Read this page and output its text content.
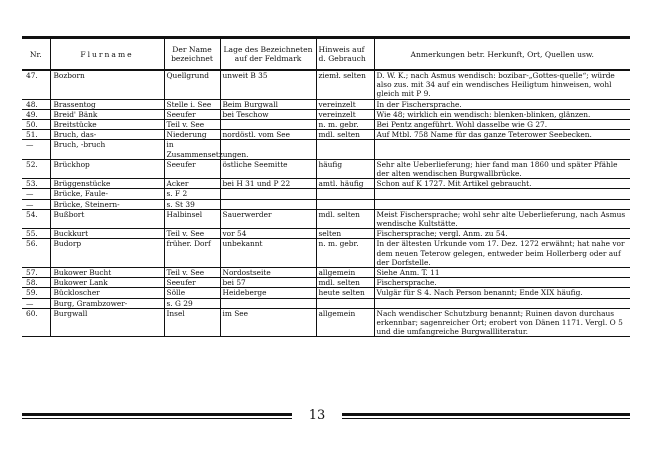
Nr.	Flurname	Der Name bezeichnet	Lage des Bezeichneten auf der Feldmark	Hinweis auf d. Gebrauch	Anmerkungen betr. Herkunft, Ort, Quellen usw.
47.	Bozborn	Quellgrund	unweit B 35	ziemł. selten	D. W. K.; nach Asmus wendisch: bozibar-„Gottes-quelle“; würde also zus. mit 34 auf ein wendisches Heiligtum hinweisen, wohl gleich mit P 9.
48.	Brassentog	Stelle i. See	Beim Burgwall	vereinzelt	In der Fischersprache.
49.	Breid' Bänk	Seeufer	bei Teschow	vereinzelt	Wie 48; wirklich ein wendisch: blenken-blinken, glänzen.
50.	Breitstücke	Teil v. See		n. m. gebr.	Bei Pentz angeführt. Wohl dasselbe wie G 27.
51.	Bruch, das-	Niederung	nordöstl. vom See	mdl. selten	Auf Mtbl. 758 Name für das ganze Teterower Seebecken.
—	Bruch, -bruch	in Zusammensetzungen.			
52.	Brückhop	Seeufer	östliche Seemitte	häufig	Sehr alte Ueberlieferung; hier fand man 1860 und später Pfähle der alten wendischen Burgwallbrücke.
53.	Brüggenstücke	Acker	bei H 31 und P 22	amtl. häufig	Schon auf K 1727. Mit Artikel gebraucht.
—	Brücke, Faule-	s. F 2			
—	Brücke, Steinern-	s. St 39			
54.	Bußbort	Halbinsel	Sauerwerder	mdl. selten	Meist Fischersprache; wohl sehr alte Ueberlieferung, nach Asmus wendische Kultstätte.
55.	Buckkurt	Teil v. See	vor 54	selten	Fischersprache; vergl. Anm. zu 54.
56.	Budorp	früher. Dorf	unbekannt	n. m. gebr.	In der ältesten Urkunde vom 17. Dez. 1272 erwähnt; hat nahe vor dem neuen Teterow gelegen, entweder beim Hollerberg oder auf der Dorfstelle.
57.	Bukower Bucht	Teil v. See	Nordostseite	allgemein	Siehe Anm. T. 11
58.	Bukower Lank	Seeufer	bei 57	mdl. selten	Fischersprache.
59.	Bückloscher	Sölle	Heideberge	heute selten	Vulgär für S 4. Nach Person benannt; Ende XIX häufig.
—	Burg, Grambzower-	s. G 29			
60.	Burgwall	Insel	im See	allgemein	Nach wendischer Schutzburg benannt; Ruinen davon durchaus erkennbar; sagenreicher Ort; erobert von Dänen 1171. Vergl. O 5 und die umfangreiche Burgwallliteratur.
13
